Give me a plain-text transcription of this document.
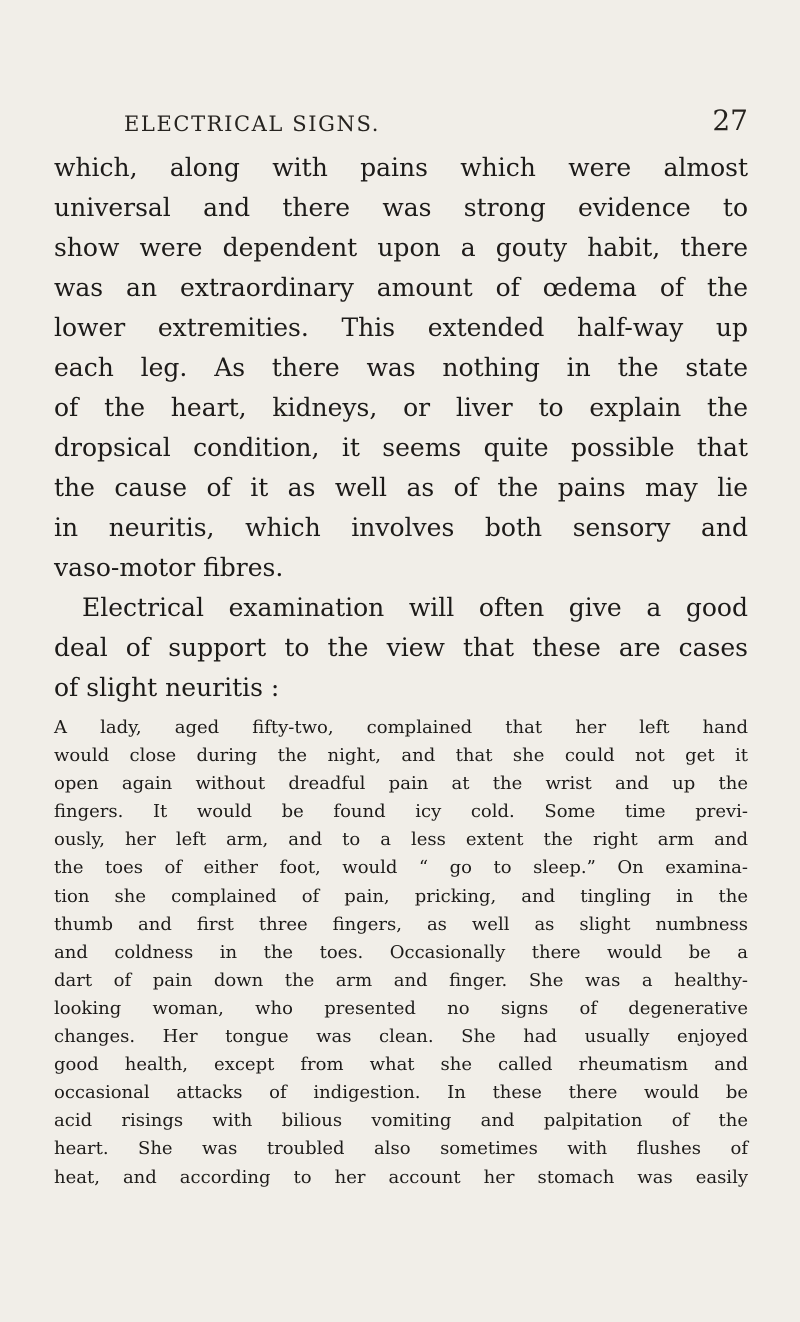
ELECTRICAL SIGNS.	27
which, along with pains which were almost
universal and there was strong evidence to
show were dependent upon a gouty habit, there
was an extraordinary amount of œdema of the
lower extremities. This extended half-way up
each leg. As there was nothing in the state
of the heart, kidneys, or liver to explain the
dropsical condition, it seems quite possible that
the cause of it as well as of the pains may lie
in neuritis, which involves both sensory and
vaso-motor fibres.
Electrical examination will often give a good
deal of support to the view that these are cases
of slight neuritis :
A lady, aged fifty-two, complained that her left hand
would close during the night, and that she could not get it
open again without dreadful pain at the wrist and up the
fingers. It would be found icy cold. Some time previ-
ously, her left arm, and to a less extent the right arm and
the toes of either foot, would “ go to sleep.” On examina-
tion she complained of pain, pricking, and tingling in the
thumb and first three fingers, as well as slight numbness
and coldness in the toes. Occasionally there would be a
dart of pain down the arm and finger. She was a healthy-
looking woman, who presented no signs of degenerative
changes. Her tongue was clean. She had usually enjoyed
good health, except from what she called rheumatism and
occasional attacks of indigestion. In these there would be
acid risings with bilious vomiting and palpitation of the
heart. She was troubled also sometimes with flushes of
heat, and according to her account her stomach was easily
